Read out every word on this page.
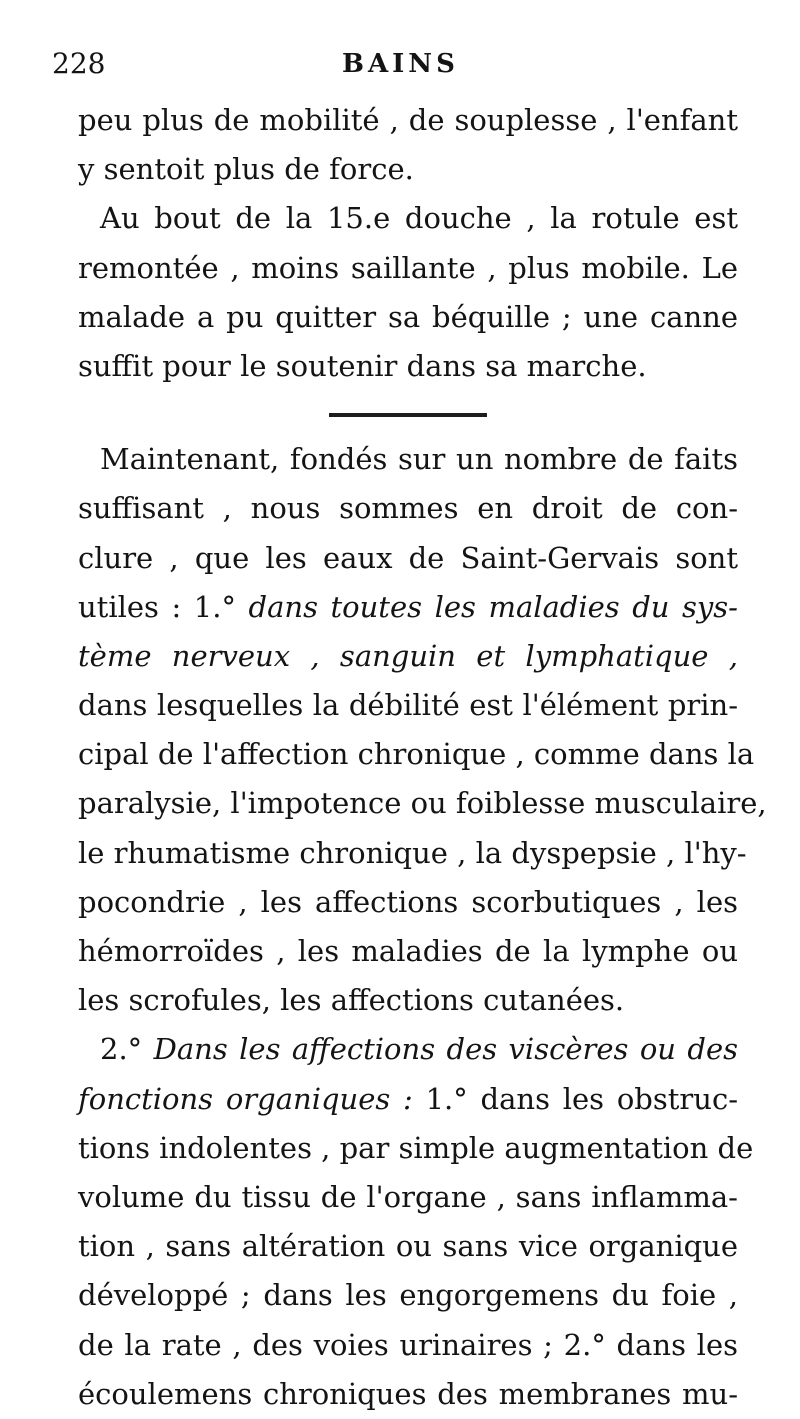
228	BAINS
peu plus de mobilité , de souplesse , l'enfant
y sentoit plus de force.
Au bout de la 15.e douche , la rotule est
remontée , moins saillante , plus mobile. Le
malade a pu quitter sa béquille ; une canne
suffit pour le soutenir dans sa marche.
Maintenant, fondés sur un nombre de faits
suffisant , nous sommes en droit de con-
clure , que les eaux de Saint-Gervais sont
utiles : 1.° dans toutes les maladies du sys-
tème nerveux , sanguin et lymphatique ,
dans lesquelles la débilité est l'élément prin-
cipal de l'affection chronique , comme dans la
paralysie, l'impotence ou foiblesse musculaire,
le rhumatisme chronique , la dyspepsie , l'hy-
pocondrie , les affections scorbutiques , les
hémorroïdes , les maladies de la lymphe ou
les scrofules, les affections cutanées.
2.° Dans les affections des viscères ou des
fonctions organiques : 1.° dans les obstruc-
tions indolentes , par simple augmentation de
volume du tissu de l'organe , sans inflamma-
tion , sans altération ou sans vice organique
développé ; dans les engorgemens du foie ,
de la rate , des voies urinaires ; 2.° dans les
écoulemens chroniques des membranes mu-
